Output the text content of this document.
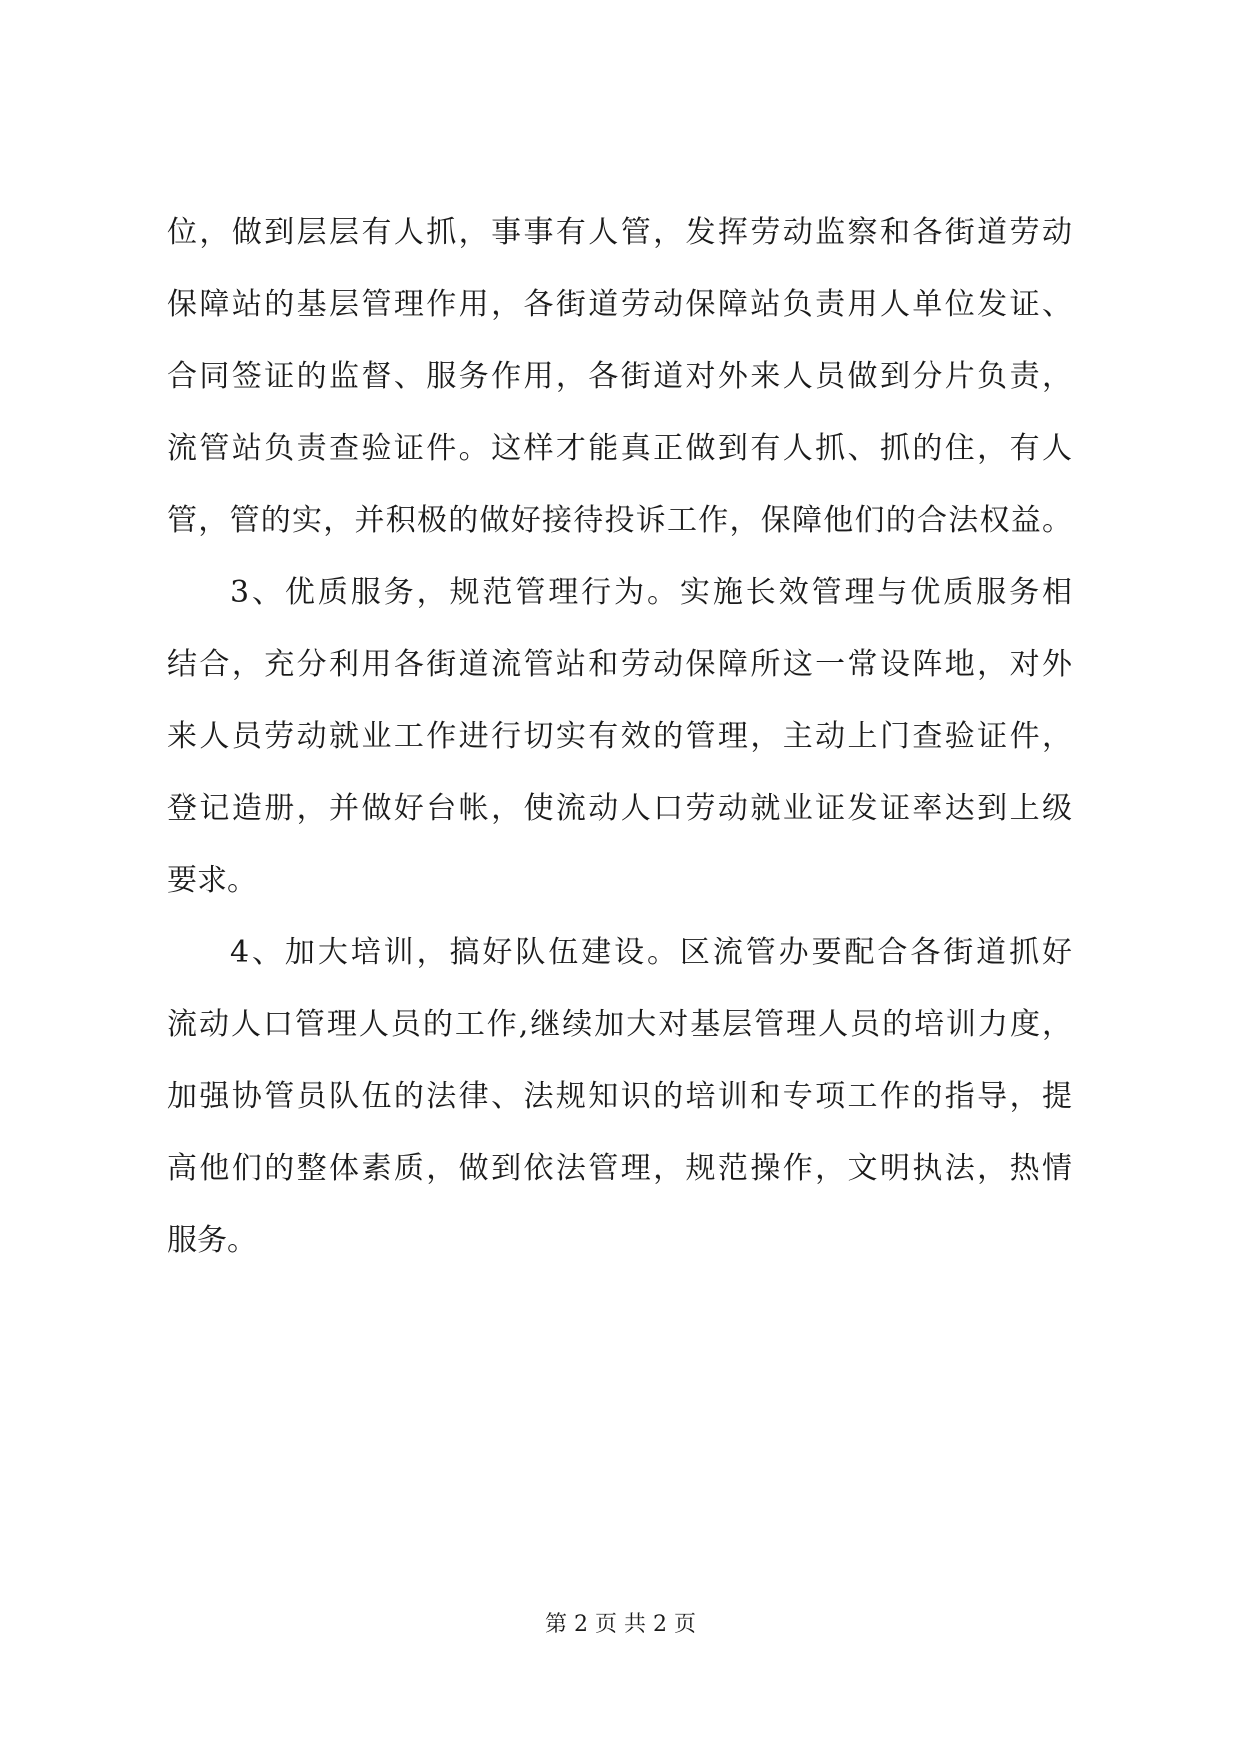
位，做到层层有人抓，事事有人管，发挥劳动监察和各街道劳动
保障站的基层管理作用，各街道劳动保障站负责用人单位发证、
合同签证的监督、服务作用，各街道对外来人员做到分片负责，
流管站负责查验证件。这样才能真正做到有人抓、抓的住，有人
管，管的实，并积极的做好接待投诉工作，保障他们的合法权益。
3、优质服务，规范管理行为。实施长效管理与优质服务相
结合，充分利用各街道流管站和劳动保障所这一常设阵地，对外
来人员劳动就业工作进行切实有效的管理，主动上门查验证件，
登记造册，并做好台帐，使流动人口劳动就业证发证率达到上级
要求。
4、加大培训，搞好队伍建设。区流管办要配合各街道抓好
流动人口管理人员的工作,继续加大对基层管理人员的培训力度，
加强协管员队伍的法律、法规知识的培训和专项工作的指导，提
高他们的整体素质，做到依法管理，规范操作，文明执法，热情
服务。
第 2 页 共 2 页
